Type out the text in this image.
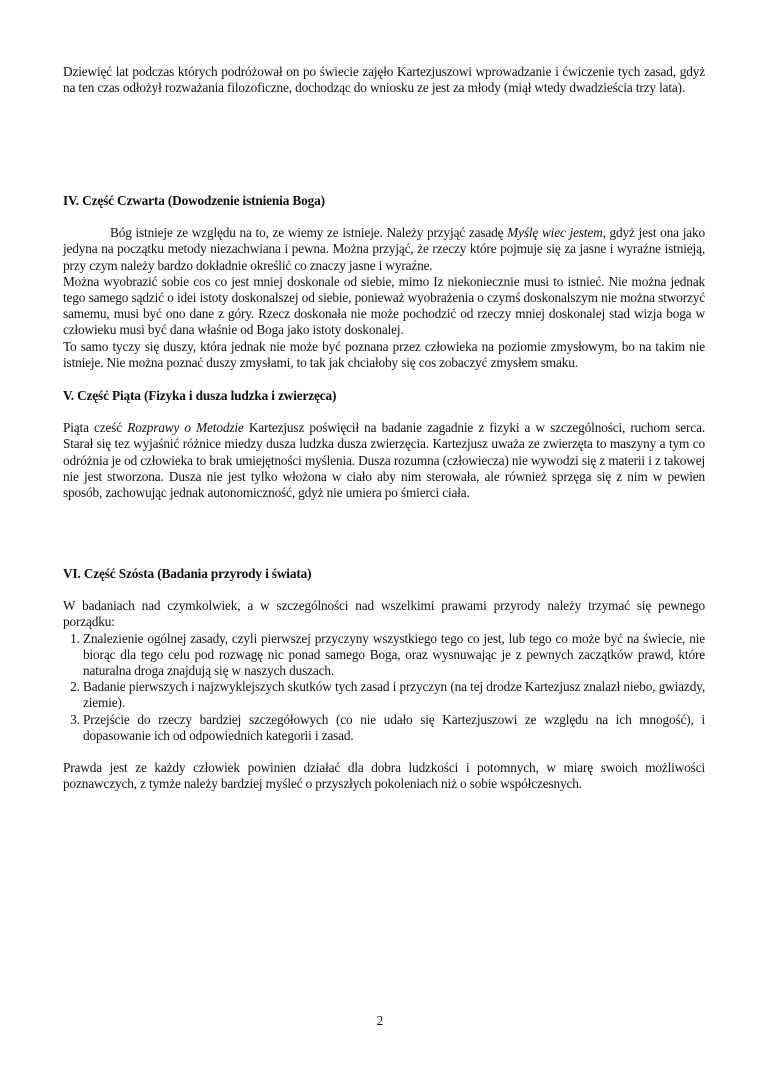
Dziewięć lat podczas których podróżował on po świecie zajęło Kartezjuszowi wprowadzanie i ćwiczenie tych zasad, gdyż na ten czas odłożył rozważania filozoficzne, dochodząc do wniosku ze jest za młody (miął wtedy dwadzieścia trzy lata).

IV. Część Czwarta (Dowodzenie istnienia Boga)

Bóg istnieje ze względu na to, ze wiemy ze istnieje. Należy przyjąć zasadę Myślę wiec jestem, gdyż jest ona jako jedyna na początku metody niezachwiana i pewna. Można przyjąć, że rzeczy które pojmuje się za jasne i wyraźne istnieją, przy czym należy bardzo dokładnie określić co znaczy jasne i wyraźne.

Można wyobrazić sobie cos co jest mniej doskonale od siebie, mimo Iz niekoniecznie musi to istnieć. Nie można jednak tego samego sądzić o idei istoty doskonalszej od siebie, ponieważ wyobrażenia o czymś doskonalszym nie można stworzyć samemu, musi być ono dane z góry. Rzecz doskonała nie może pochodzić od rzeczy mniej doskonalej stad wizja boga w człowieku musi być dana właśnie od Boga jako istoty doskonalej.

To samo tyczy się duszy, która jednak nie może być poznana przez człowieka na poziomie zmysłowym, bo na takim nie istnieje. Nie można poznać duszy zmysłami, to tak jak chciałoby się cos zobaczyć zmysłem smaku.

V. Część Piąta (Fizyka i dusza ludzka i zwierzęca)

Piąta cześć Rozprawy o Metodzie Kartezjusz poświęcił na badanie zagadnie z fizyki a w szczególności, ruchom serca. Starał się tez wyjaśnić różnice miedzy dusza ludzka dusza zwierzęcia. Kartezjusz uważa ze zwierzęta to maszyny a tym co odróżnia je od człowieka to brak umiejętności myślenia. Dusza rozumna (człowiecza) nie wywodzi się z materii i z takowej nie jest stworzona. Dusza nie jest tylko włożona w ciało aby nim sterowała, ale również sprzęga się z nim w pewien sposób, zachowując jednak autonomiczność, gdyż nie umiera po śmierci ciała.

VI. Część Szósta (Badania przyrody i świata)

W badaniach nad czymkolwiek, a w szczególności nad wszelkimi prawami przyrody należy trzymać się pewnego porządku:

1. Znalezienie ogólnej zasady, czyli pierwszej przyczyny wszystkiego tego co jest, lub tego co może być na świecie, nie biorąc dla tego celu pod rozwagę nic ponad samego Boga, oraz wysnuwając je z pewnych zaczątków prawd, które naturalna droga znajdują się w naszych duszach.
2. Badanie pierwszych i najzwyklejszych skutków tych zasad i przyczyn (na tej drodze Kartezjusz znalazł niebo, gwiazdy, ziemie).
3. Przejście do rzeczy bardziej szczegółowych (co nie udało się Kartezjuszowi ze względu na ich mnogość), i dopasowanie ich od odpowiednich kategorii i zasad.

Prawda jest ze każdy człowiek powinien działać dla dobra ludzkości i potomnych, w miarę swoich możliwości poznawczych, z tymże należy bardziej myśleć o przyszłych pokoleniach niż o sobie współczesnych.

2
